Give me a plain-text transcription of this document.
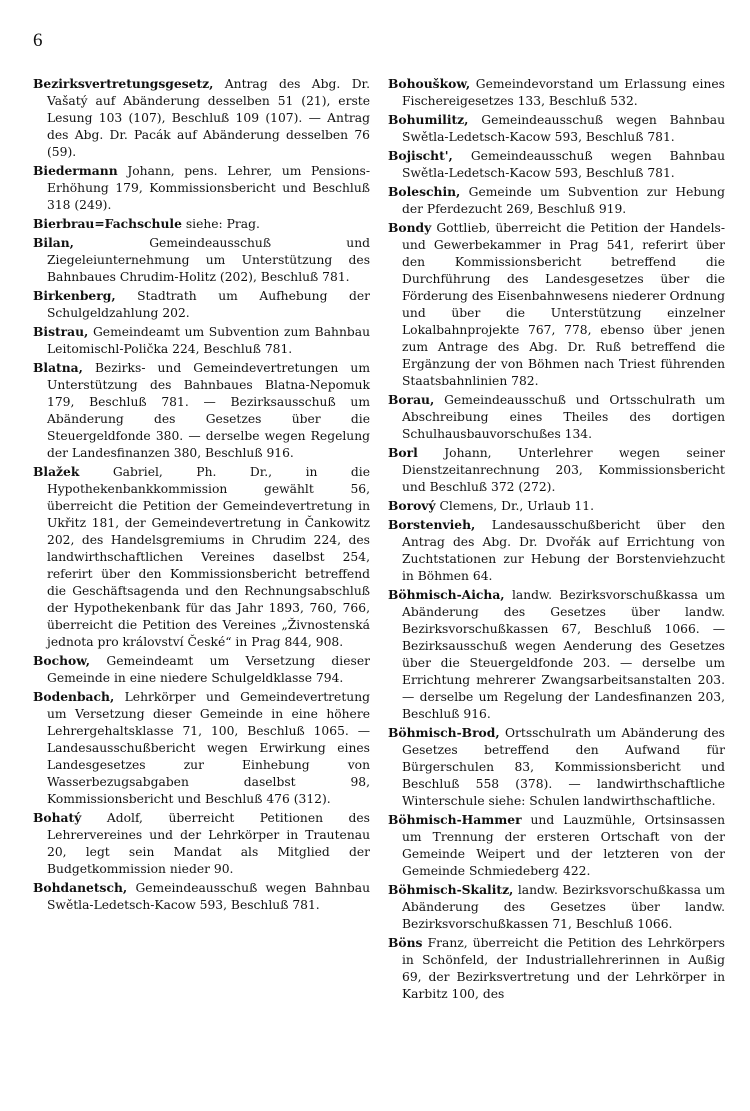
6

Bezirksvertretungsgesetz, Antrag des Abg. Dr. Vašatý auf Abänderung desselben 51 (21), erste Lesung 103 (107), Beschluß 109 (107). — Antrag des Abg. Dr. Pacák auf Abänderung desselben 76 (59).

Biedermann Johann, pens. Lehrer, um Pensions-Erhöhung 179, Kommissionsbericht und Beschluß 318 (249).

Bierbrau=Fachschule siehe: Prag.

Bilan,	Gemeindeausschuß und Ziegeleiunternehmung um Unterstützung des Bahnbaues Chrudim-Holitz (202), Beschluß 781.

Birkenberg, Stadtrath um Aufhebung der Schulgeldzahlung 202.

Bistrau, Gemeindeamt um Subvention zum Bahnbau Leitomischl-Polička 224, Beschluß 781.

Blatna, Bezirks- und Gemeindevertretungen um Unterstützung des Bahnbaues Blatna-Nepomuk 179, Beschluß 781. — Bezirksausschuß um Abänderung des Gesetzes über die Steuergeldfonde 380. — derselbe wegen Regelung der Landesfinanzen 380, Beschluß 916.

Blažek	Gabriel, Ph. Dr., in die Hypothekenbankkommission gewählt 56, überreicht die Petition der Gemeindevertretung in Ukřitz 181, der Gemeindevertretung in Čankowitz 202, des Handelsgremiums in Chrudim 224, des landwirthschaftlichen Vereines daselbst 254, referirt über den Kommissionsbericht betreffend die Geschäftsagenda und den Rechnungsabschluß der Hypothekenbank für das Jahr 1893, 760, 766, überreicht die Petition des Vereines „Živnostenská jednota pro království České“ in Prag 844, 908.

Bochow, Gemeindeamt um Versetzung dieser Gemeinde in eine niedere Schulgeldklasse 794.

Bodenbach, Lehrkörper und Gemeindevertretung um Versetzung dieser Gemeinde in eine höhere Lehrergehaltsklasse 71, 100, Beschluß 1065. — Landesausschußbericht wegen Erwirkung eines Landesgesetzes zur Einhebung von Wasserbezugsabgaben daselbst 98, Kommissionsbericht und Beschluß 476 (312).

Bohatý Adolf, überreicht Petitionen des Lehrervereines und der Lehrkörper in Trautenau 20, legt sein Mandat als Mitglied der Budgetkommission nieder 90.

Bohdanetsch, Gemeindeausschuß wegen Bahnbau Swětla-Ledetsch-Kacow 593, Beschluß 781.

Bohouškow, Gemeindevorstand um Erlassung eines Fischereigesetzes 133, Beschluß 532.

Bohumilitz, Gemeindeausschuß wegen Bahnbau Swětla-Ledetsch-Kacow 593, Beschluß 781.

Bojischt', Gemeindeausschuß wegen Bahnbau Swětla-Ledetsch-Kacow 593, Beschluß 781.

Boleschin, Gemeinde um Subvention zur Hebung der Pferdezucht 269, Beschluß 919.

Bondy Gottlieb, überreicht die Petition der Handels- und Gewerbekammer in Prag 541, referirt über den Kommissionsbericht betreffend die Durchführung des Landesgesetzes über die Förderung des Eisenbahnwesens niederer Ordnung und über die Unterstützung einzelner Lokalbahnprojekte 767, 778, ebenso über jenen zum Antrage des Abg. Dr. Ruß betreffend die Ergänzung der von Böhmen nach Triest führenden Staatsbahnlinien 782.

Borau, Gemeindeausschuß und Ortsschulrath um Abschreibung eines Theiles des dortigen Schulhausbauvorschußes 134.

Borl Johann, Unterlehrer wegen seiner Dienstzeitanrechnung 203, Kommissionsbericht und Beschluß 372 (272).

Borový Clemens, Dr., Urlaub 11.

Borstenvieh, Landesausschußbericht über den Antrag des Abg. Dr. Dvořák auf Errichtung von Zuchtstationen zur Hebung der Borstenviehzucht in Böhmen 64.

Böhmisch-Aicha, landw. Bezirksvorschußkassa um Abänderung des Gesetzes über landw. Bezirksvorschußkassen 67, Beschluß 1066. — Bezirksausschuß wegen Aenderung des Gesetzes über die Steuergeldfonde 203. — derselbe um Errichtung mehrerer Zwangsarbeitsanstalten 203. — derselbe um Regelung der Landesfinanzen 203, Beschluß 916.

Böhmisch-Brod, Ortsschulrath um Abänderung des Gesetzes betreffend den Aufwand für Bürgerschulen 83, Kommissionsbericht und Beschluß 558 (378). — landwirthschaftliche Winterschule siehe: Schulen landwirthschaftliche.

Böhmisch-Hammer und Lauzmühle, Ortsinsassen um Trennung der ersteren Ortschaft von der Gemeinde Weipert und der letzteren von der Gemeinde Schmiedeberg 422.

Böhmisch-Skalitz, landw. Bezirksvorschußkassa um Abänderung des Gesetzes über landw. Bezirksvorschußkassen 71, Beschluß 1066.

Böns Franz, überreicht die Petition des Lehrkörpers in Schönfeld, der Industriallehrerinnen in Außig 69, der Bezirksvertretung und der Lehrkörper in Karbitz 100, des
